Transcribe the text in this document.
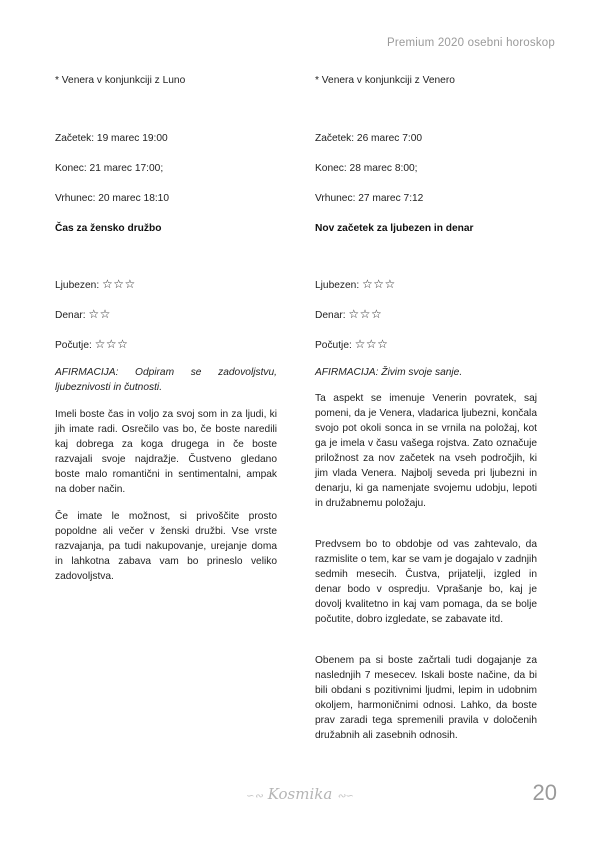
Premium 2020 osebni horoskop
* Venera v konjunkciji z Luno
Začetek: 19 marec 19:00
Konec: 21 marec 17:00;
Vrhunec: 20 marec 18:10
Čas za žensko družbo
Ljubezen: ☆☆☆
Denar: ☆☆
Počutje: ☆☆☆
AFIRMACIJA: Odpiram se zadovoljstvu, ljubeznivosti in čutnosti.
Imeli boste čas in voljo za svoj som in za ljudi, ki jih imate radi. Osrečilo vas bo, če boste naredili kaj dobrega za koga drugega in če boste razvajali svoje najdražje. Čustveno gledano boste malo romantični in sentimentalni, ampak na dober način.
Če imate le možnost, si privoščite prosto popoldne ali večer v ženski družbi. Vse vrste razvajanja, pa tudi nakupovanje, urejanje doma in lahkotna zabava vam bo prineslo veliko zadovoljstva.
* Venera v konjunkciji z Venero
Začetek: 26 marec 7:00
Konec: 28 marec 8:00;
Vrhunec: 27 marec 7:12
Nov začetek za ljubezen in denar
Ljubezen: ☆☆☆
Denar: ☆☆☆
Počutje: ☆☆☆
AFIRMACIJA: Živim svoje sanje.
Ta aspekt se imenuje Venerin povratek, saj pomeni, da je Venera, vladarica ljubezni, končala svojo pot okoli sonca in se vrnila na položaj, kot ga je imela v času vašega rojstva. Zato označuje priložnost za nov začetek na vseh področjih, ki jim vlada Venera. Najbolj seveda pri ljubezni in denarju, ki ga namenjate svojemu udobju, lepoti in družabnemu položaju.
Predvsem bo to obdobje od vas zahtevalo, da razmislite o tem, kar se vam je dogajalo v zadnjih sedmih mesecih. Čustva, prijatelji, izgled in denar bodo v ospredju. Vprašanje bo, kaj je dovolj kvalitetno in kaj vam pomaga, da se bolje počutite, dobro izgledate, se zabavate itd.
Obenem pa si boste začrtali tudi dogajanje za naslednjih 7 mesecev. Iskali boste načine, da bi bili obdani s pozitivnimi ljudmi, lepim in udobnim okoljem, harmoničnimi odnosi. Lahko, da boste prav zaradi tega spremenili pravila v določenih družabnih ali zasebnih odnosih.
∽∾ Kosmika ∾∽	20
